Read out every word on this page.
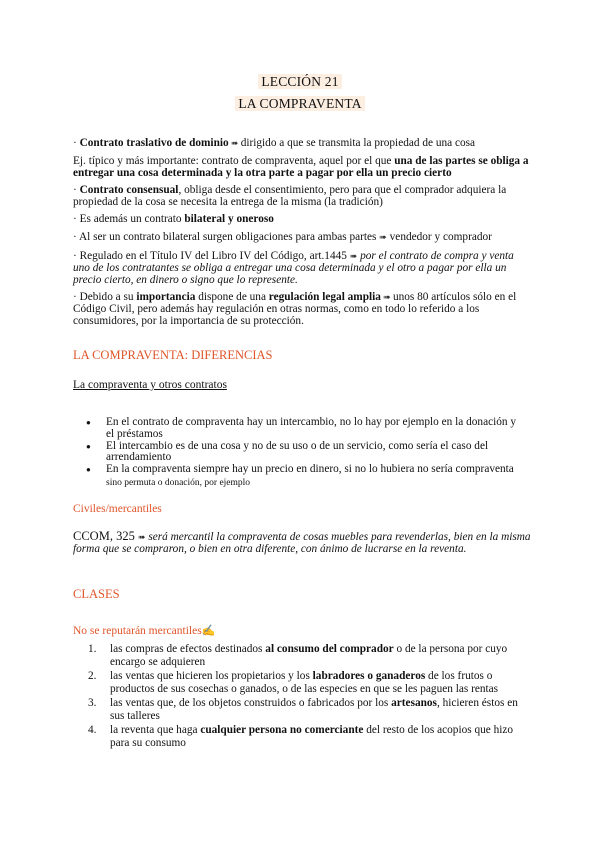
LECCIÓN 21
LA COMPRAVENTA
· Contrato traslativo de dominio ➠ dirigido a que se transmita la propiedad de una cosa
Ej. típico y más importante: contrato de compraventa, aquel por el que una de las partes se obliga a entregar una cosa determinada y la otra parte a pagar por ella un precio cierto
· Contrato consensual, obliga desde el consentimiento, pero para que el comprador adquiera la propiedad de la cosa se necesita la entrega de la misma (la tradición)
· Es además un contrato bilateral y oneroso
· Al ser un contrato bilateral surgen obligaciones para ambas partes ➠ vendedor y comprador
· Regulado en el Título IV del Libro IV del Código, art.1445 ➠ por el contrato de compra y venta uno de los contratantes se obliga a entregar una cosa determinada y el otro a pagar por ella un precio cierto, en dinero o signo que lo represente.
· Debido a su importancia dispone de una regulación legal amplia ➠ unos 80 artículos sólo en el Código Civil, pero además hay regulación en otras normas, como en todo lo referido a los consumidores, por la importancia de su protección.
LA COMPRAVENTA: DIFERENCIAS
La compraventa y otros contratos
● En el contrato de compraventa hay un intercambio, no lo hay por ejemplo en la donación y el préstamos
● El intercambio es de una cosa y no de su uso o de un servicio, como sería el caso del arrendamiento
● En la compraventa siempre hay un precio en dinero, si no lo hubiera no sería compraventa sino permuta o donación, por ejemplo
Civiles/mercantiles
CCOM, 325 ➠ será mercantil la compraventa de cosas muebles para revenderlas, bien en la misma forma que se compraron, o bien en otra diferente, con ánimo de lucrarse en la reventa.
CLASES
No se reputarán mercantiles✍
1. las compras de efectos destinados al consumo del comprador o de la persona por cuyo encargo se adquieren
2. las ventas que hicieren los propietarios y los labradores o ganaderos de los frutos o productos de sus cosechas o ganados, o de las especies en que se les paguen las rentas
3. las ventas que, de los objetos construidos o fabricados por los artesanos, hicieren éstos en sus talleres
4. la reventa que haga cualquier persona no comerciante del resto de los acopios que hizo para su consumo
